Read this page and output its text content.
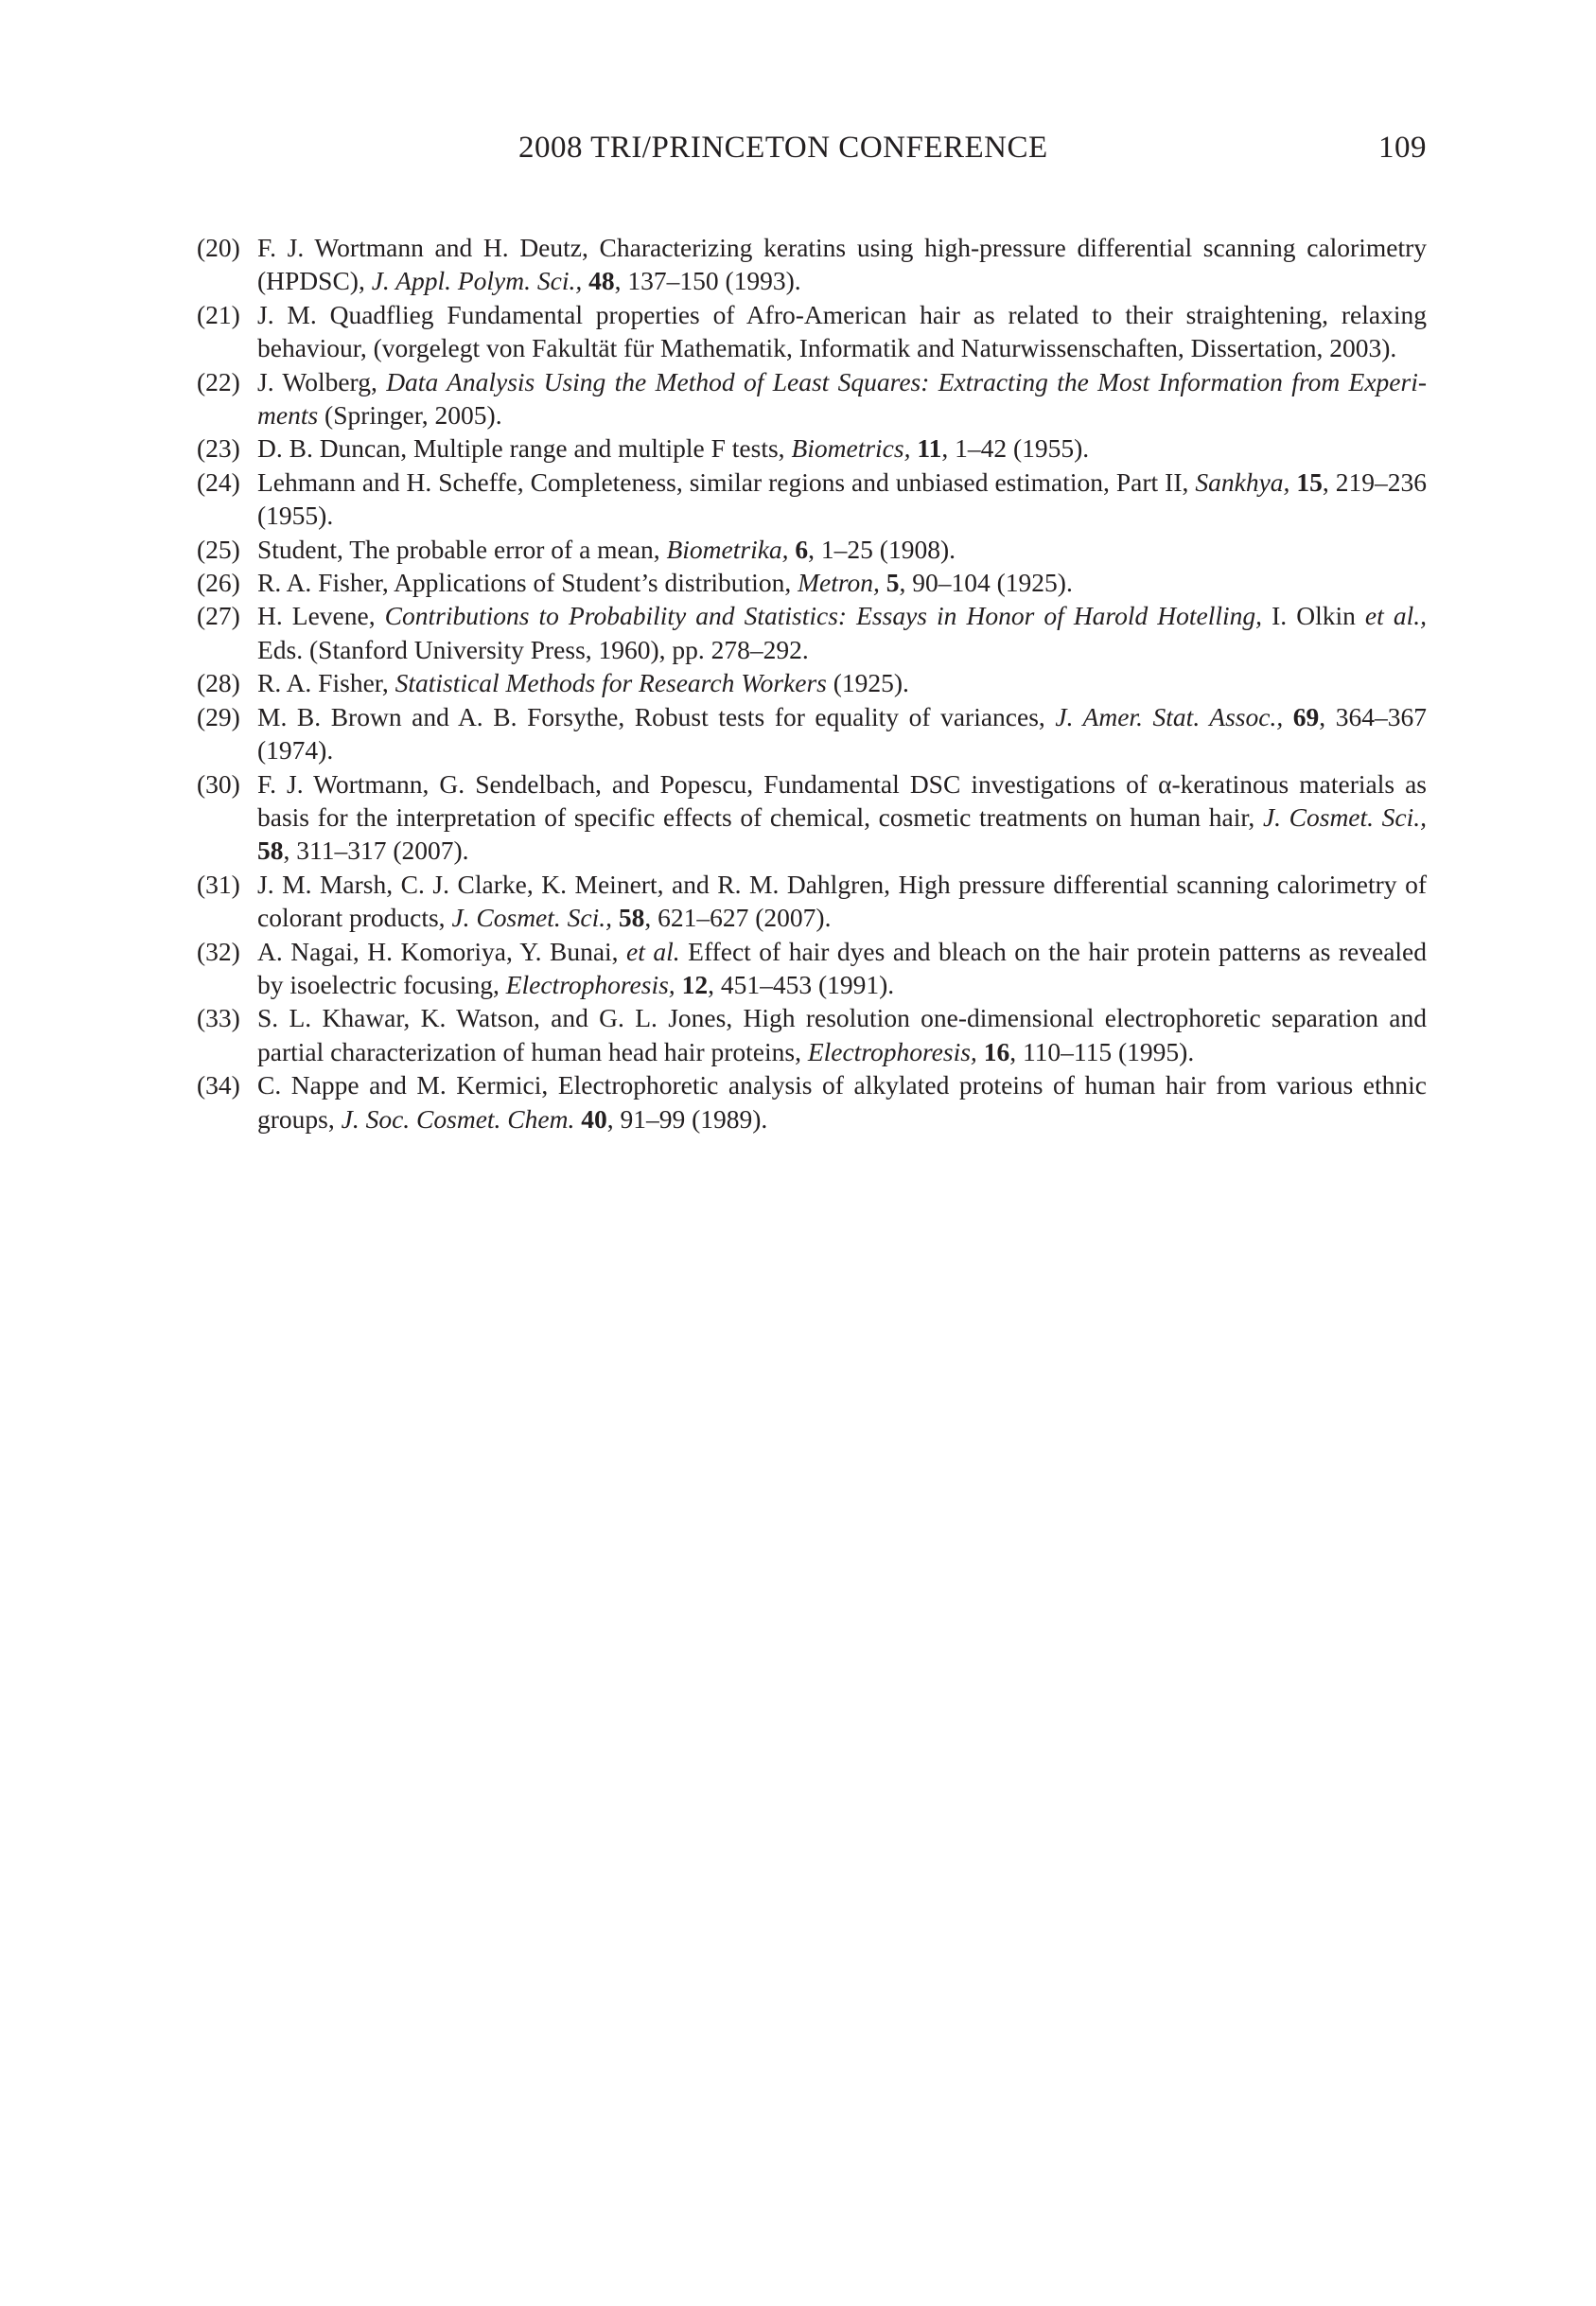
2008 TRI/PRINCETON CONFERENCE	109
(20) F. J. Wortmann and H. Deutz, Characterizing keratins using high-pressure differential scanning calorimetry (HPDSC), J. Appl. Polym. Sci., 48, 137–150 (1993).
(21) J. M. Quadflieg Fundamental properties of Afro-American hair as related to their straightening, relaxing behaviour, (vorgelegt von Fakultät für Mathematik, Informatik and Naturwissenschaften, Dissertation, 2003).
(22) J. Wolberg, Data Analysis Using the Method of Least Squares: Extracting the Most Information from Experiments (Springer, 2005).
(23) D. B. Duncan, Multiple range and multiple F tests, Biometrics, 11, 1–42 (1955).
(24) Lehmann and H. Scheffe, Completeness, similar regions and unbiased estimation, Part II, Sankhya, 15, 219–236 (1955).
(25) Student, The probable error of a mean, Biometrika, 6, 1–25 (1908).
(26) R. A. Fisher, Applications of Student’s distribution, Metron, 5, 90–104 (1925).
(27) H. Levene, Contributions to Probability and Statistics: Essays in Honor of Harold Hotelling, I. Olkin et al., Eds. (Stanford University Press, 1960), pp. 278–292.
(28) R. A. Fisher, Statistical Methods for Research Workers (1925).
(29) M. B. Brown and A. B. Forsythe, Robust tests for equality of variances, J. Amer. Stat. Assoc., 69, 364–367 (1974).
(30) F. J. Wortmann, G. Sendelbach, and Popescu, Fundamental DSC investigations of α-keratinous materials as basis for the interpretation of specific effects of chemical, cosmetic treatments on human hair, J. Cosmet. Sci., 58, 311–317 (2007).
(31) J. M. Marsh, C. J. Clarke, K. Meinert, and R. M. Dahlgren, High pressure differential scanning calorimetry of colorant products, J. Cosmet. Sci., 58, 621–627 (2007).
(32) A. Nagai, H. Komoriya, Y. Bunai, et al. Effect of hair dyes and bleach on the hair protein patterns as revealed by isoelectric focusing, Electrophoresis, 12, 451–453 (1991).
(33) S. L. Khawar, K. Watson, and G. L. Jones, High resolution one-dimensional electrophoretic separation and partial characterization of human head hair proteins, Electrophoresis, 16, 110–115 (1995).
(34) C. Nappe and M. Kermici, Electrophoretic analysis of alkylated proteins of human hair from various ethnic groups, J. Soc. Cosmet. Chem. 40, 91–99 (1989).
